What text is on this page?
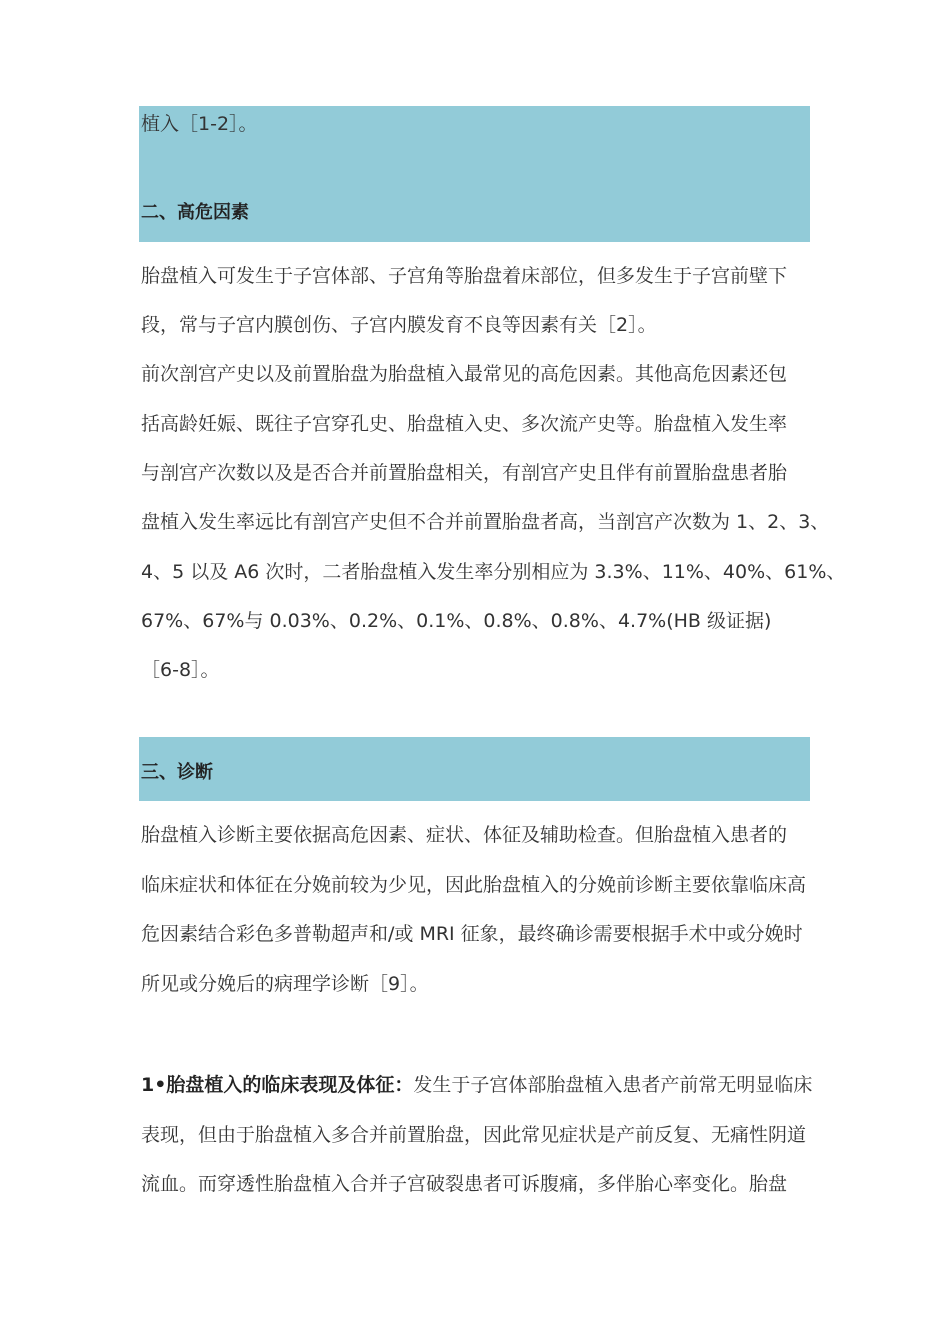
植入［1-2］。
二、高危因素
胎盘植入可发生于子宫体部、子宫角等胎盘着床部位，但多发生于子宫前壁下
段，常与子宫内膜创伤、子宫内膜发育不良等因素有关［2］。
前次剖宫产史以及前置胎盘为胎盘植入最常见的高危因素。其他高危因素还包
括高龄妊娠、既往子宫穿孔史、胎盘植入史、多次流产史等。胎盘植入发生率
与剖宫产次数以及是否合并前置胎盘相关，有剖宫产史且伴有前置胎盘患者胎
盘植入发生率远比有剖宫产史但不合并前置胎盘者高，当剖宫产次数为 1、2、3、
4、5 以及 A6 次时，二者胎盘植入发生率分别相应为 3.3%、11%、40%、61%、
67%、67%与 0.03%、0.2%、0.1%、0.8%、0.8%、4.7%(HB 级证据)
［6-8］。
三、诊断
胎盘植入诊断主要依据高危因素、症状、体征及辅助检查。但胎盘植入患者的
临床症状和体征在分娩前较为少见，因此胎盘植入的分娩前诊断主要依靠临床高
危因素结合彩色多普勒超声和/或 MRI 征象，最终确诊需要根据手术中或分娩时
所见或分娩后的病理学诊断［9］。
1•胎盘植入的临床表现及体征：发生于子宫体部胎盘植入患者产前常无明显临床
表现，但由于胎盘植入多合并前置胎盘，因此常见症状是产前反复、无痛性阴道
流血。而穿透性胎盘植入合并子宫破裂患者可诉腹痛，多伴胎心率变化。胎盘
